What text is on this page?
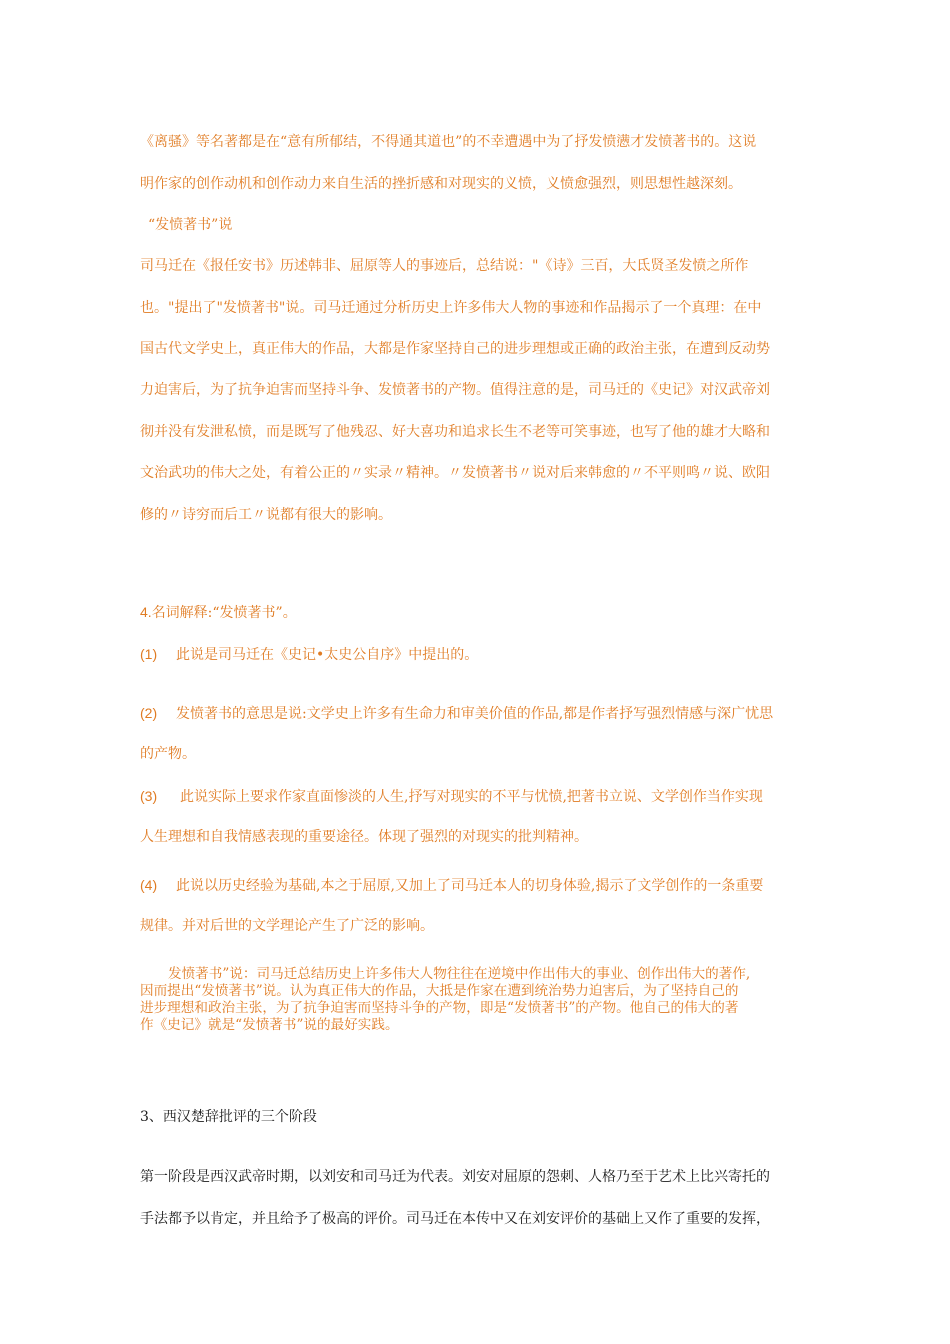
《离骚》等名著都是在“意有所郁结，不得通其道也”的不幸遭遇中为了抒发愤懑才发愤著书的。这说
明作家的创作动机和创作动力来自生活的挫折感和对现实的义愤，义愤愈强烈，则思想性越深刻。
“发愤著书”说
司马迁在《报任安书》历述韩非、屈原等人的事迹后，总结说："《诗》三百，大氐贤圣发愤之所作
也。"提出了"发愤著书"说。司马迁通过分析历史上许多伟大人物的事迹和作品揭示了一个真理：在中
国古代文学史上，真正伟大的作品，大都是作家坚持自己的进步理想或正确的政治主张，在遭到反动势
力迫害后，为了抗争迫害而坚持斗争、发愤著书的产物。值得注意的是，司马迁的《史记》对汉武帝刘
彻并没有发泄私愤，而是既写了他残忍、好大喜功和追求长生不老等可笑事迹，也写了他的雄才大略和
文治武功的伟大之处，有着公正的〃实录〃精神。〃发愤著书〃说对后来韩愈的〃不平则鸣〃说、欧阳
修的〃诗穷而后工〃说都有很大的影响。
4.名词解释:“发愤著书”。
(1) 此说是司马迁在《史记•太史公自序》中提出的。
(2) 发愤著书的意思是说:文学史上许多有生命力和审美价值的作品,都是作者抒写强烈情感与深广忧思
的产物。
(3) 此说实际上要求作家直面惨淡的人生,抒写对现实的不平与忧愤,把著书立说、文学创作当作实现
人生理想和自我情感表现的重要途径。体现了强烈的对现实的批判精神。
(4) 此说以历史经验为基础,本之于屈原,又加上了司马迁本人的切身体验,揭示了文学创作的一条重要
规律。并对后世的文学理论产生了广泛的影响。
发愤著书”说：司马迁总结历史上许多伟大人物往往在逆境中作出伟大的事业、创作出伟大的著作,
因而提出“发愤著书”说。认为真正伟大的作品，大抵是作家在遭到统治势力迫害后，为了坚持自己的
进步理想和政治主张，为了抗争迫害而坚持斗争的产物，即是“发愤著书”的产物。他自己的伟大的著
作《史记》就是“发愤著书”说的最好实践。
3、西汉楚辞批评的三个阶段
第一阶段是西汉武帝时期，以刘安和司马迁为代表。刘安对屈原的怨刺、人格乃至于艺术上比兴寄托的
手法都予以肯定，并且给予了极高的评价。司马迁在本传中又在刘安评价的基础上又作了重要的发挥，
